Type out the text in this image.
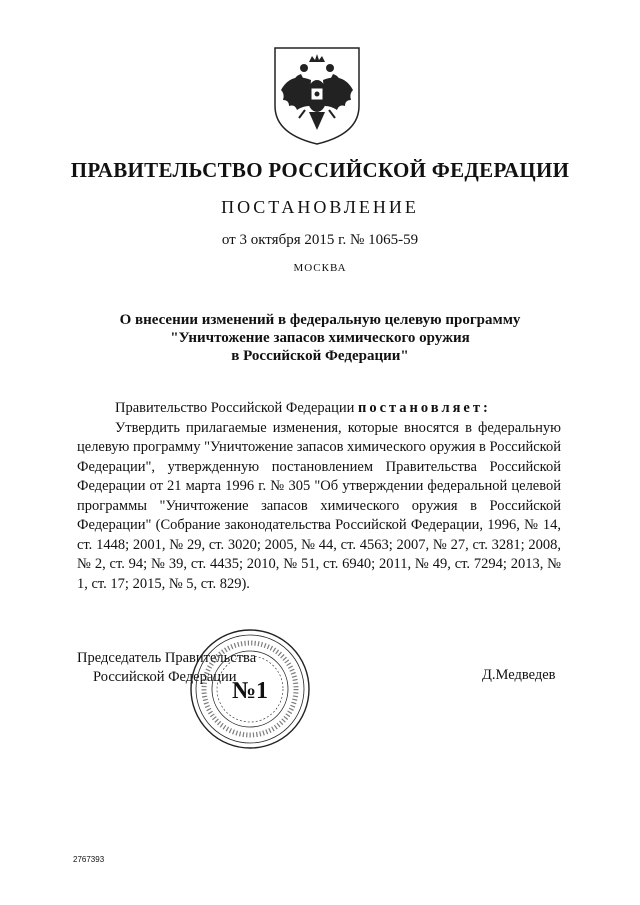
ПРАВИТЕЛЬСТВО РОССИЙСКОЙ ФЕДЕРАЦИИ
ПОСТАНОВЛЕНИЕ
от 3 октября 2015 г. № 1065-59
МОСКВА
О внесении изменений в федеральную целевую программу
"Уничтожение запасов химического оружия
в Российской Федерации"
Правительство Российской Федерации постановляет:
Утвердить прилагаемые изменения, которые вносятся в федеральную целевую программу "Уничтожение запасов химического оружия в Российской Федерации", утвержденную постановлением Правительства Российской Федерации от 21 марта 1996 г. № 305 "Об утверждении федеральной целевой программы "Уничтожение запасов химического оружия в Российской Федерации" (Собрание законодательства Российской Федерации, 1996, № 14, ст. 1448; 2001, № 29, ст. 3020; 2005, № 44, ст. 4563; 2007, № 27, ст. 3281; 2008, № 2, ст. 94; № 39, ст. 4435; 2010, № 51, ст. 6940; 2011, № 49, ст. 7294; 2013, № 1, ст. 17; 2015, № 5, ст. 829).
Председатель Правительства
Российской Федерации
№1
Д.Медведев
2767393
